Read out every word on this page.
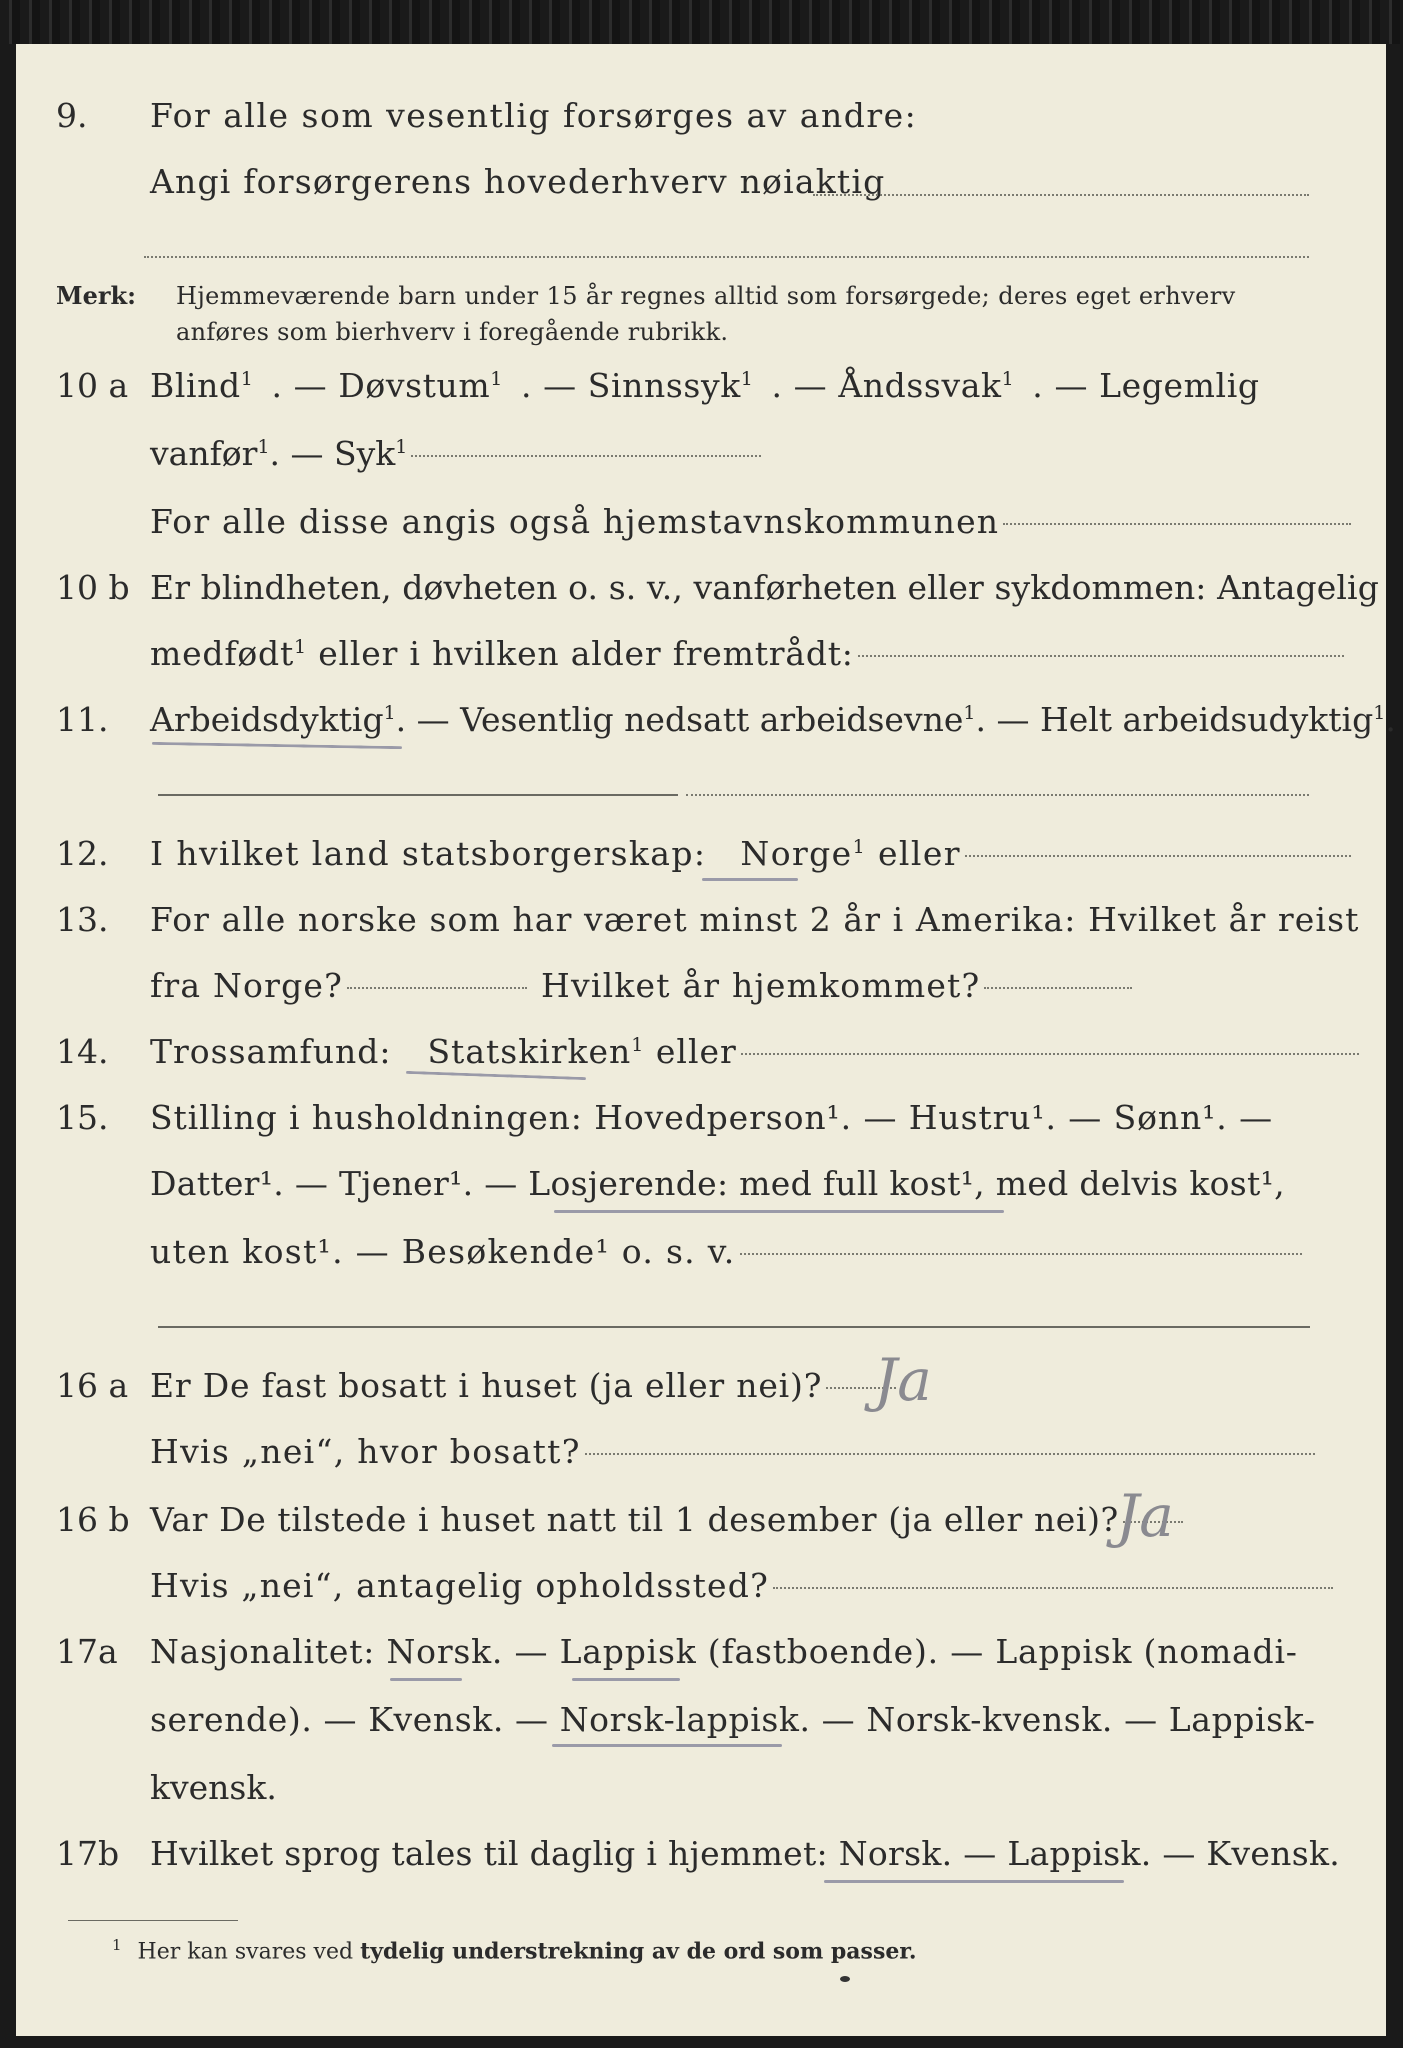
9. For alle som vesentlig forsørges av andre:
Angi forsørgerens hovederhverv nøiaktig
Merk: Hjemmeværende barn under 15 år regnes alltid som forsørgede; deres eget erhverv
anføres som bierhverv i foregående rubrikk.
10 a Blind$^1$ . — Døvstum$^1$ . — Sinnssyk$^1$ . — Åndssvak$^1$ . — Legemlig
vanfør$^1$. — Syk$^1$
For alle disse angis også hjemstavnskommunen
10 b Er blindheten, døvheten o. s. v., vanførheten eller sykdommen: Antagelig
medfødt$^1$ eller i hvilken alder fremtrådt:
11. Arbeidsdyktig$^1$. — Vesentlig nedsatt arbeidsevne$^1$. — Helt arbeidsudyktig$^1$.
12. I hvilket land statsborgerskap: Norge$^1$ eller
13. For alle norske som har været minst 2 år i Amerika: Hvilket år reist
fra Norge?	Hvilket år hjemkommet?
14. Trossamfund: Statskirken$^1$ eller
15. Stilling i husholdningen: Hovedperson¹. — Hustru¹. — Sønn¹. —
Datter¹. — Tjener¹. — Losjerende: med full kost¹, med delvis kost¹,
uten kost¹. — Besøkende¹ o. s. v.
16 a Er De fast bosatt i huset (ja eller nei)? Ja
Hvis „nei“, hvor bosatt?
16 b Var De tilstede i huset natt til 1 desember (ja eller nei)?
Ja
Hvis „nei“, antagelig opholdssted?
17a Nasjonalitet: Norsk. — Lappisk (fastboende). — Lappisk (nomadi-
serende). — Kvensk. — Norsk-lappisk. — Norsk-kvensk. — Lappisk-
kvensk.
17b Hvilket sprog tales til daglig i hjemmet: Norsk. — Lappisk. — Kvensk.
$^1$ Her kan svares ved tydelig understrekning av de ord som passer.
